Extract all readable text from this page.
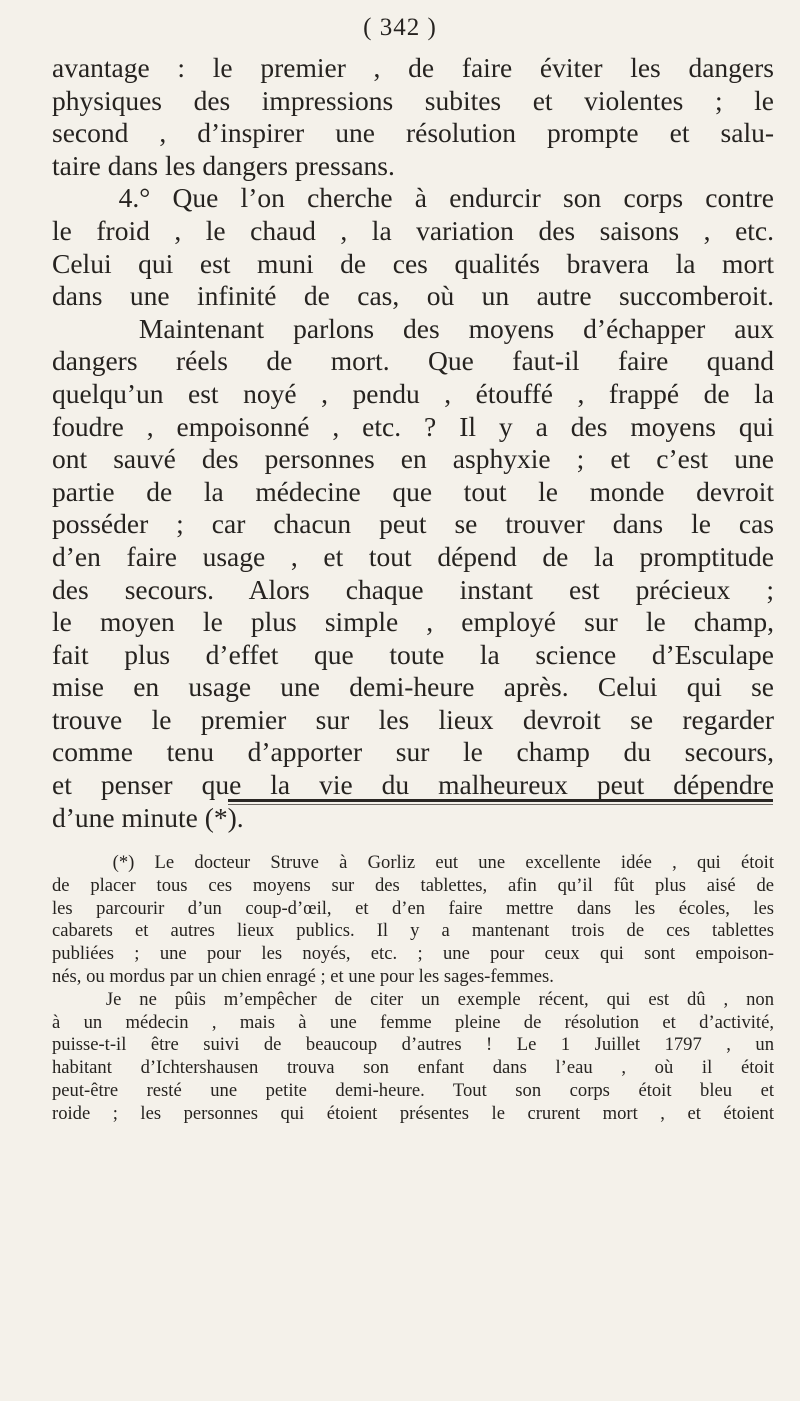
( 342 )
avantage : le premier , de faire éviter les dangers
physiques des impressions subites et violentes ; le
second , d’inspirer une résolution prompte et salu-
taire dans les dangers pressans.
4.° Que l’on cherche à endurcir son corps contre
le froid , le chaud , la variation des saisons , etc.
Celui qui est muni de ces qualités bravera la mort
dans une infinité de cas, où un autre succomberoit.
Maintenant parlons des moyens d’échapper aux
dangers réels de mort. Que faut-il faire quand
quelqu’un est noyé , pendu , étouffé , frappé de la
foudre , empoisonné , etc. ? Il y a des moyens qui
ont sauvé des personnes en asphyxie ; et c’est une
partie de la médecine que tout le monde devroit
posséder ; car chacun peut se trouver dans le cas
d’en faire usage , et tout dépend de la promptitude
des secours. Alors chaque instant est précieux ;
le moyen le plus simple , employé sur le champ,
fait plus d’effet que toute la science d’Esculape
mise en usage une demi-heure après. Celui qui se
trouve le premier sur les lieux devroit se regarder
comme tenu d’apporter sur le champ du secours,
et penser que la vie du malheureux peut dépendre
d’une minute (*).
(*) Le docteur Struve à Gorliz eut une excellente idée , qui étoit
de placer tous ces moyens sur des tablettes, afin qu’il fût plus aisé de
les parcourir d’un coup-d’œil, et d’en faire mettre dans les écoles, les
cabarets et autres lieux publics. Il y a mantenant trois de ces tablettes
publiées ; une pour les noyés, etc. ; une pour ceux qui sont empoison-
nés, ou mordus par un chien enragé ; et une pour les sages-femmes.
Je ne pûis m’empêcher de citer un exemple récent, qui est dû , non
à un médecin , mais à une femme pleine de résolution et d’activité,
puisse-t-il être suivi de beaucoup d’autres ! Le 1 Juillet 1797 , un
habitant d’Ichtershausen trouva son enfant dans l’eau , où il étoit
peut-être resté une petite demi-heure. Tout son corps étoit bleu et
roide ; les personnes qui étoient présentes le crurent mort , et étoient
